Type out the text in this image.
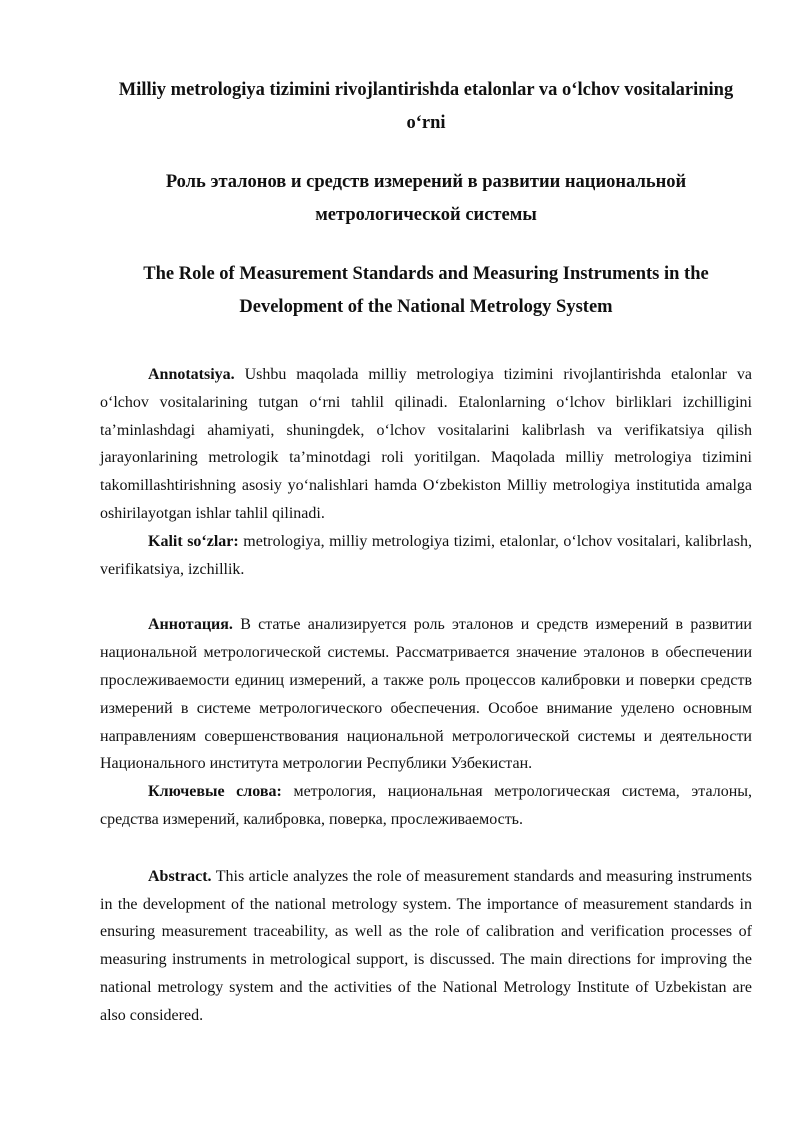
Milliy metrologiya tizimini rivojlantirishda etalonlar va oʻlchov vositalarining oʻrni
Роль эталонов и средств измерений в развитии национальной метрологической системы
The Role of Measurement Standards and Measuring Instruments in the Development of the National Metrology System

Annotatsiya. Ushbu maqolada milliy metrologiya tizimini rivojlantirishda etalonlar va oʻlchov vositalarining tutgan oʻrni tahlil qilinadi. Etalonlarning oʻlchov birliklari izchilligini taʼminlashdagi ahamiyati, shuningdek, oʻlchov vositalarini kalibrlash va verifikatsiya qilish jarayonlarining metrologik taʼminotdagi roli yoritilgan. Maqolada milliy metrologiya tizimini takomillashtirishning asosiy yoʻnalishlari hamda Oʻzbekiston Milliy metrologiya institutida amalga oshirilayotgan ishlar tahlil qilinadi.

Kalit soʻzlar: metrologiya, milliy metrologiya tizimi, etalonlar, oʻlchov vositalari, kalibrlash, verifikatsiya, izchillik.

Аннотация. В статье анализируется роль эталонов и средств измерений в развитии национальной метрологической системы. Рассматривается значение эталонов в обеспечении прослеживаемости единиц измерений, а также роль процессов калибровки и поверки средств измерений в системе метрологического обеспечения. Особое внимание уделено основным направлениям совершенствования национальной метрологической системы и деятельности Национального института метрологии Республики Узбекистан.

Ключевые слова: метрология, национальная метрологическая система, эталоны, средства измерений, калибровка, поверка, прослеживаемость.

Abstract. This article analyzes the role of measurement standards and measuring instruments in the development of the national metrology system. The importance of measurement standards in ensuring measurement traceability, as well as the role of calibration and verification processes of measuring instruments in metrological support, is discussed. The main directions for improving the national metrology system and the activities of the National Metrology Institute of Uzbekistan are also considered.
